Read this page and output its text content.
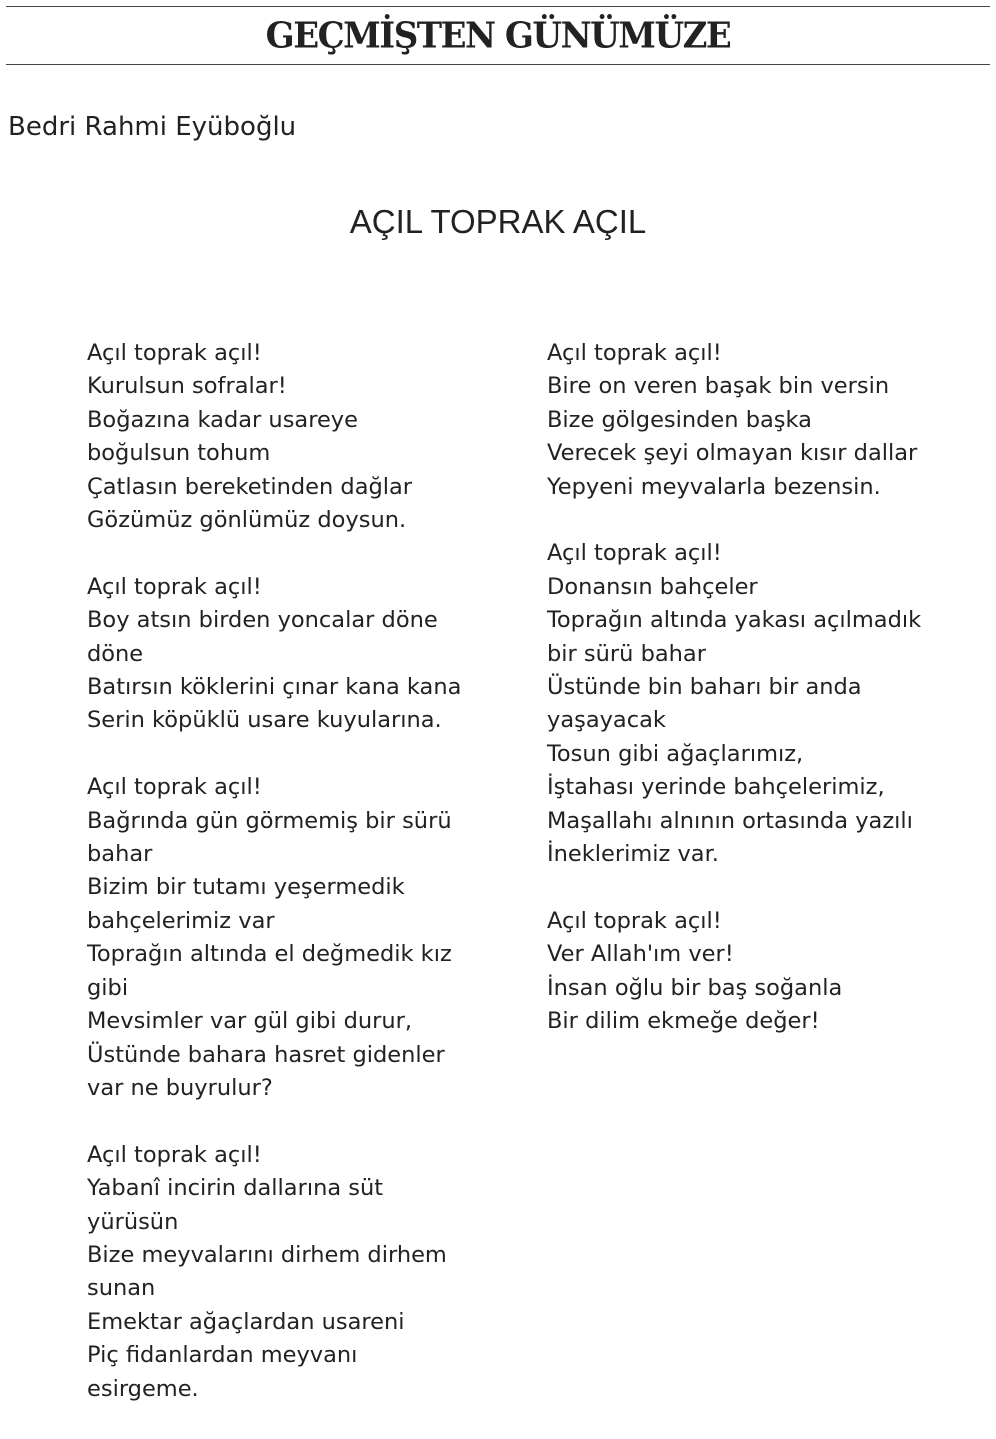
GEÇMİŞTEN GÜNÜMÜZE
Bedri Rahmi Eyüboğlu
AÇIL TOPRAK AÇIL
Açıl toprak açıl!
Kurulsun sofralar!
Boğazına kadar usareye
boğulsun tohum
Çatlasın bereketinden dağlar
Gözümüz gönlümüz doysun.
Açıl toprak açıl!
Boy atsın birden yoncalar döne
döne
Batırsın köklerini çınar kana kana
Serin köpüklü usare kuyularına.
Açıl toprak açıl!
Bağrında gün görmemiş bir sürü
bahar
Bizim bir tutamı yeşermedik
bahçelerimiz var
Toprağın altında el değmedik kız
gibi
Mevsimler var gül gibi durur,
Üstünde bahara hasret gidenler
var ne buyrulur?
Açıl toprak açıl!
Yabanî incirin dallarına süt
yürüsün
Bize meyvalarını dirhem dirhem
sunan
Emektar ağaçlardan usareni
Piç fidanlardan meyvanı
esirgeme.
Açıl toprak açıl!
Bire on veren başak bin versin
Bize gölgesinden başka
Verecek şeyi olmayan kısır dallar
Yepyeni meyvalarla bezensin.
Açıl toprak açıl!
Donansın bahçeler
Toprağın altında yakası açılmadık
bir sürü bahar
Üstünde bin baharı bir anda
yaşayacak
Tosun gibi ağaçlarımız,
İştahası yerinde bahçelerimiz,
Maşallahı alnının ortasında yazılı
İneklerimiz var.
Açıl toprak açıl!
Ver Allah'ım ver!
İnsan oğlu bir baş soğanla
Bir dilim ekmeğe değer!
